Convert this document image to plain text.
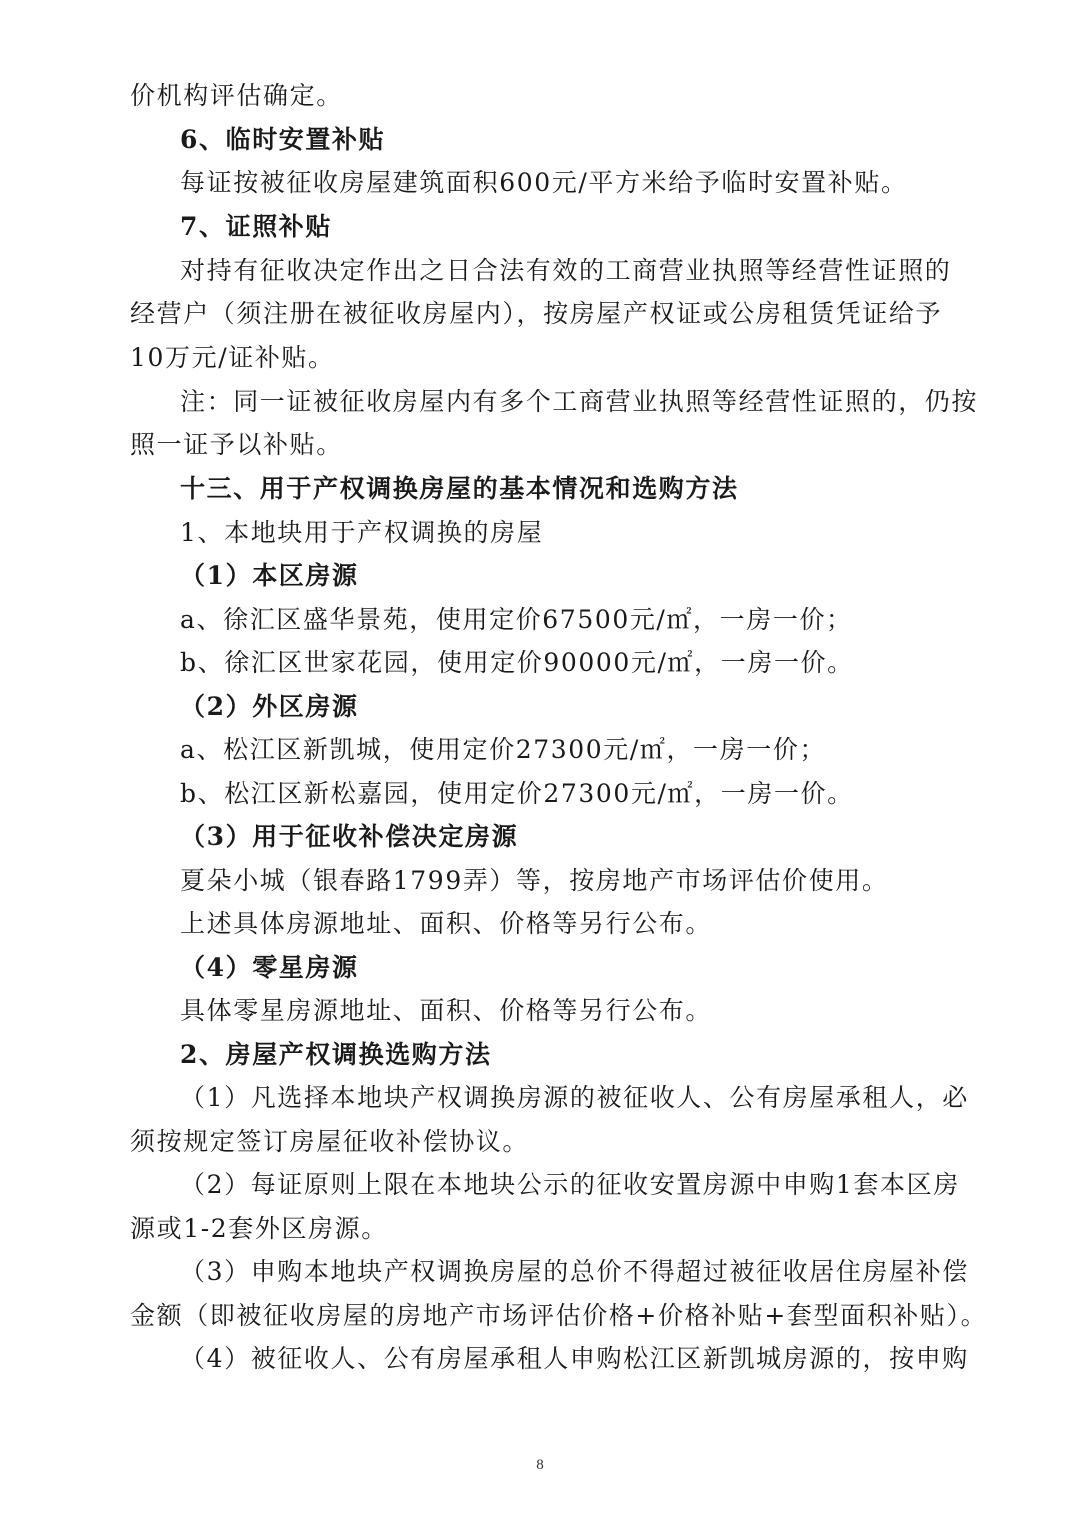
价机构评估确定。
6、临时安置补贴
每证按被征收房屋建筑面积600元/平方米给予临时安置补贴。
7、证照补贴
对持有征收决定作出之日合法有效的工商营业执照等经营性证照的
经营户（须注册在被征收房屋内），按房屋产权证或公房租赁凭证给予
10万元/证补贴。
注：同一证被征收房屋内有多个工商营业执照等经营性证照的，仍按
照一证予以补贴。
十三、用于产权调换房屋的基本情况和选购方法
1、本地块用于产权调换的房屋
（1）本区房源
a、徐汇区盛华景苑，使用定价67500元/㎡，一房一价；
b、徐汇区世家花园，使用定价90000元/㎡，一房一价。
（2）外区房源
a、松江区新凯城，使用定价27300元/㎡，一房一价；
b、松江区新松嘉园，使用定价27300元/㎡，一房一价。
（3）用于征收补偿决定房源
夏朵小城（银春路1799弄）等，按房地产市场评估价使用。
上述具体房源地址、面积、价格等另行公布。
（4）零星房源
具体零星房源地址、面积、价格等另行公布。
2、房屋产权调换选购方法
（1）凡选择本地块产权调换房源的被征收人、公有房屋承租人，必
须按规定签订房屋征收补偿协议。
（2）每证原则上限在本地块公示的征收安置房源中申购1套本区房
源或1-2套外区房源。
（3）申购本地块产权调换房屋的总价不得超过被征收居住房屋补偿
金额（即被征收房屋的房地产市场评估价格+价格补贴+套型面积补贴）。
（4）被征收人、公有房屋承租人申购松江区新凯城房源的，按申购
8
